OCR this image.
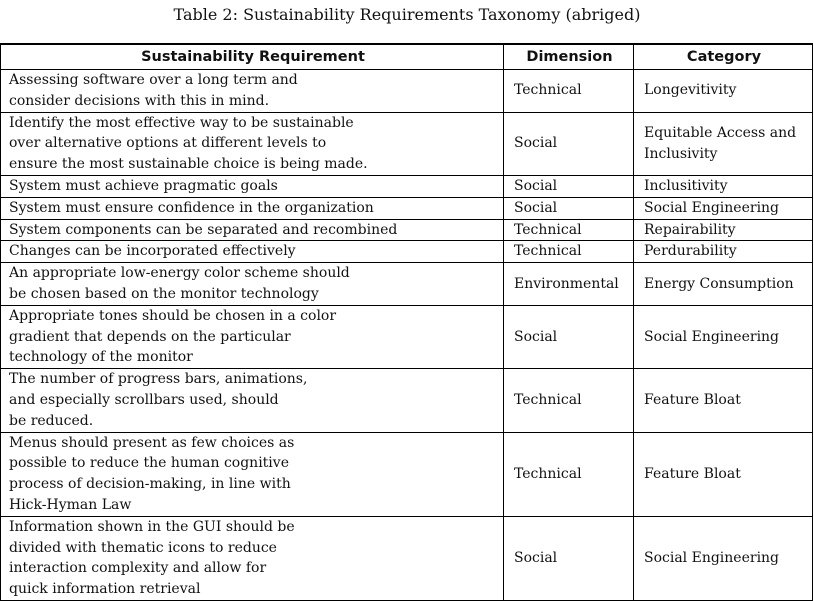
Table 2: Sustainability Requirements Taxonomy (abriged)
Sustainability Requirement	Dimension	Category
Assessing software over a long term and
consider decisions with this in mind.	Technical	Longevitivity
Identify the most effective way to be sustainable
over alternative options at different levels to
ensure the most sustainable choice is being made.	Social	Equitable Access and
Inclusivity
System must achieve pragmatic goals	Social	Inclusitivity
System must ensure confidence in the organization	Social	Social Engineering
System components can be separated and recombined	Technical	Repairability
Changes can be incorporated effectively	Technical	Perdurability
An appropriate low-energy color scheme should
be chosen based on the monitor technology	Environmental	Energy Consumption
Appropriate tones should be chosen in a color
gradient that depends on the particular
technology of the monitor	Social	Social Engineering
The number of progress bars, animations,
and especially scrollbars used, should
be reduced.	Technical	Feature Bloat
Menus should present as few choices as
possible to reduce the human cognitive
process of decision-making, in line with
Hick-Hyman Law	Technical	Feature Bloat
Information shown in the GUI should be
divided with thematic icons to reduce
interaction complexity and allow for
quick information retrieval	Social	Social Engineering
